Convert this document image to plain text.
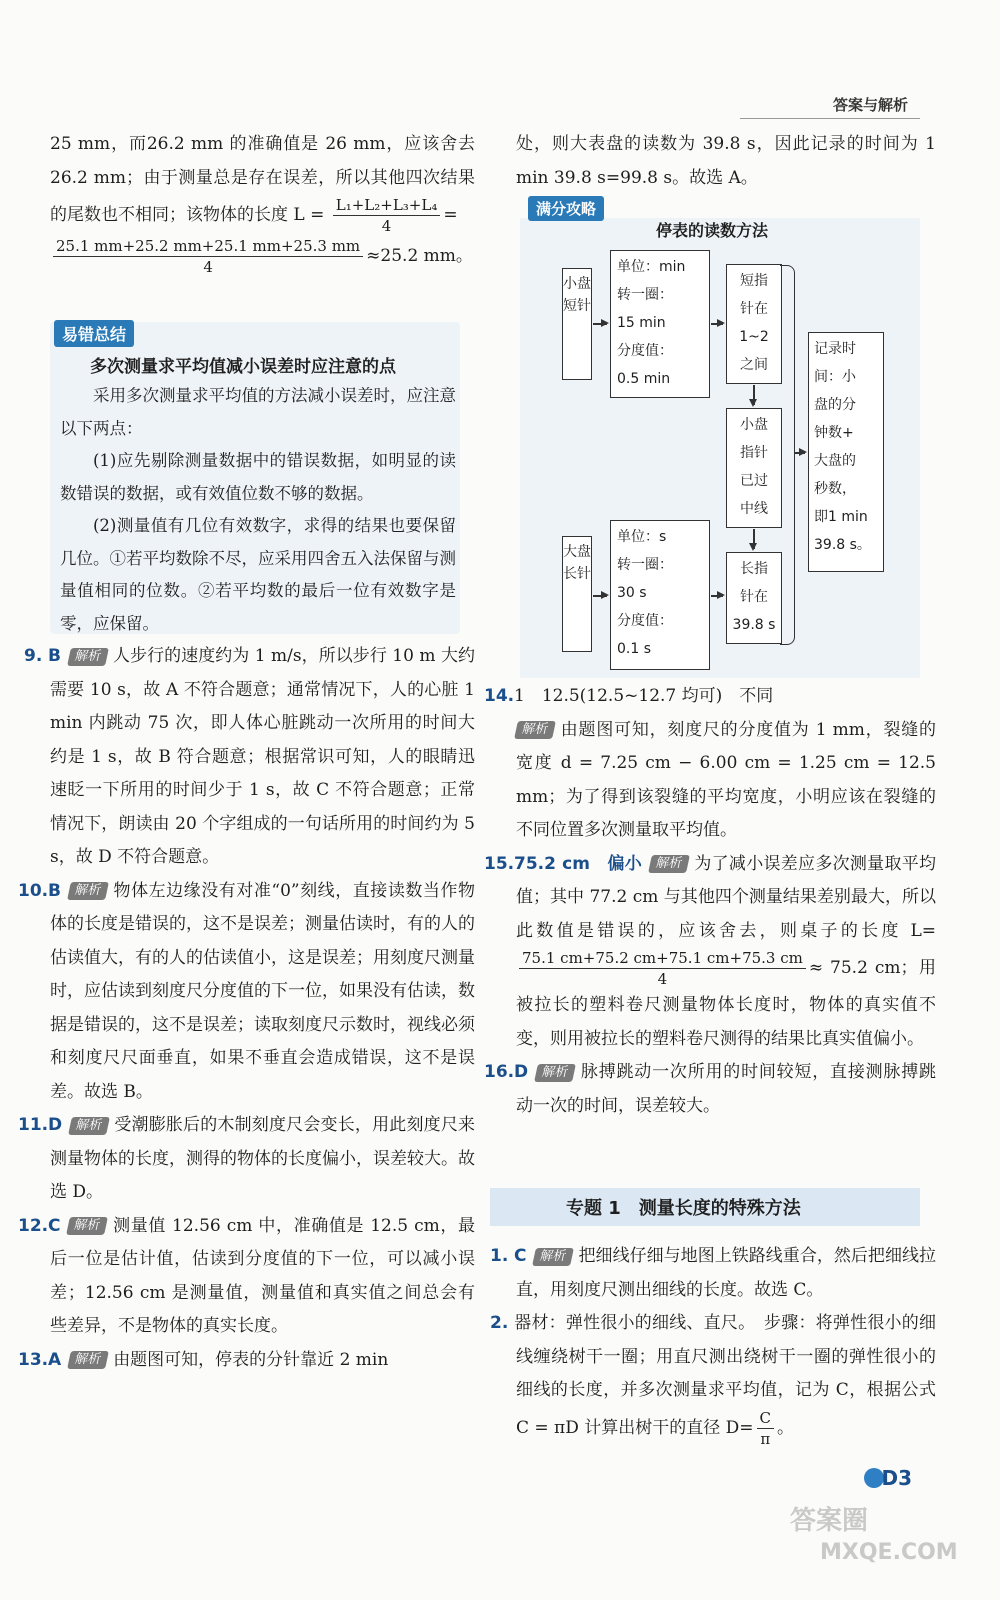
答案与解析

25 mm，而26.2 mm 的准确值是 26 mm，应该舍去26.2 mm；由于测量总是存在误差，所以其他四次结果的尾数也不相同；该物体的长度 $L = \frac{\text{L₁+L₂+L₃+L₄}}{4}$ =

$\frac{25.1 mm+25.2 mm+25.1 mm+25.3 mm}{4} \approx 25.2$ mm。

易错总结
多次测量求平均值减小误差时应注意的点

采用多次测量求平均值的方法减小误差时，应注意以下两点：

(1)应先剔除测量数据中的错误数据，如明显的读数错误的数据，或有效值位数不够的数据。

(2)测量值有几位有效数字，求得的结果也要保留几位。①若平均数除不尽，应采用四舍五入法保留与测量值相同的位数。②若平均数的最后一位有效数字是零，应保留。

9. B 解析 人步行的速度约为 1 m/s，所以步行 10 m 大约需要 10 s，故 A 不符合题意；通常情况下，人的心脏 1 min 内跳动 75 次，即人体心脏跳动一次所用的时间大约是 1 s，故 B 符合题意；根据常识可知，人的眼睛迅速眨一下所用的时间少于 1 s，故 C 不符合题意；正常情况下，朗读由 20 个字组成的一句话所用的时间约为 5 s，故 D 不符合题意。

10.B 解析 物体左边缘没有对准“0”刻线，直接读数当作物体的长度是错误的，这不是误差；测量估读时，有的人的估读值大，有的人的估读值小，这是误差；用刻度尺测量时，应估读到刻度尺分度值的下一位，如果没有估读，数据是错误的，这不是误差；读取刻度尺示数时，视线必须和刻度尺尺面垂直，如果不垂直会造成错误，这不是误差。故选 B。

11.D 解析 受潮膨胀后的木制刻度尺会变长，用此刻度尺来测量物体的长度，测得的物体的长度偏小，误差较大。故选 D。

12.C 解析 测量值 12.56 cm 中，准确值是 12.5 cm，最后一位是估计值，估读到分度值的下一位，可以减小误差；12.56 cm 是测量值，测量值和真实值之间总会有些差异，不是物体的真实长度。

13.A 解析 由题图可知，停表的分针靠近 2 min

处，则大表盘的读数为 39.8 s，因此记录的时间为 1 min 39.8 s=99.8 s。故选 A。

满分攻略
停表的读数方法
小盘短针
单位：min
转一圈：
15 min
分度值：
0.5 min
短指
针在
1~2
之间
小盘
指针
已过
中线
大盘长针
单位：s
转一圈：
30 s
分度值：
0.1 s
长指
针在
39.8 s
记录时
间：小
盘的分
钟数+
大盘的
秒数，
即1 min
39.8 s。

14.1　12.5(12.5~12.7 均可)　不同
解析 由题图可知，刻度尺的分度值为 1 mm，裂缝的宽度 d = 7.25 cm − 6.00 cm = 1.25 cm = 12.5 mm；为了得到该裂缝的平均宽度，小明应该在裂缝的不同位置多次测量取平均值。

15.75.2 cm　偏小 解析 为了减小误差应多次测量取平均值；其中 77.2 cm 与其他四个测量结果差别最大，所以此数值是错误的，应该舍去，则桌子的长度 L=
$\frac{75.1 cm+75.2 cm+75.1 cm+75.3 cm}{4} \approx 75.2$ cm；用被拉长的塑料卷尺测量物体长度时，物体的真实值不变，则用被拉长的塑料卷尺测得的结果比真实值偏小。

16.D 解析 脉搏跳动一次所用的时间较短，直接测脉搏跳动一次的时间，误差较大。

专题 1　测量长度的特殊方法

1. C 解析 把细线仔细与地图上铁路线重合，然后把细线拉直，用刻度尺测出细线的长度。故选 C。

2. 器材：弹性很小的细线、直尺。　步骤：将弹性很小的细线缠绕树干一圈；用直尺测出绕树干一圈的弹性很小的细线的长度，并多次测量求平均值，记为 C，根据公式 C = πD 计算出树干的直径 $D= \frac{C}{\pi}$ 。

D3
答案圈
MXQE.COM
